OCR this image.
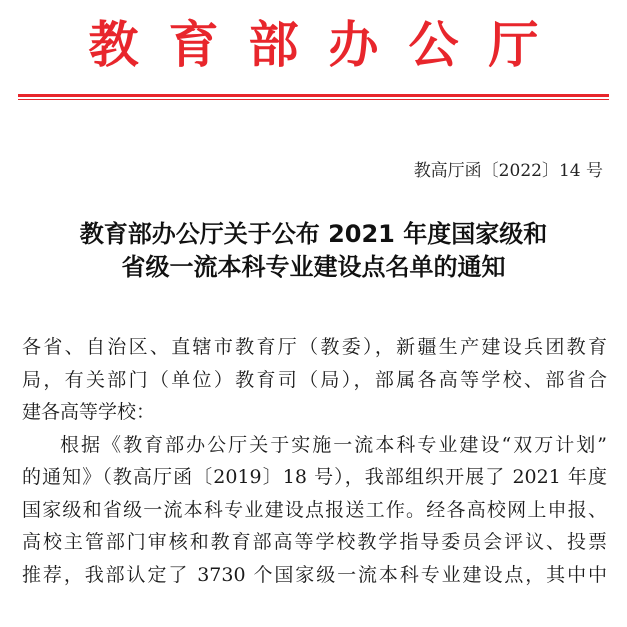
教育部办公厅
教高厅函〔2022〕14 号
教育部办公厅关于公布 2021 年度国家级和
省级一流本科专业建设点名单的通知
各省、自治区、直辖市教育厅（教委），新疆生产建设兵团教育
局，有关部门（单位）教育司（局），部属各高等学校、部省合
建各高等学校：
根据《教育部办公厅关于实施一流本科专业建设“双万计划”
的通知》（教高厅函〔2019〕18 号），我部组织开展了 2021 年度
国家级和省级一流本科专业建设点报送工作。经各高校网上申报、
高校主管部门审核和教育部高等学校教学指导委员会评议、投票
推荐，我部认定了 3730 个国家级一流本科专业建设点，其中中
